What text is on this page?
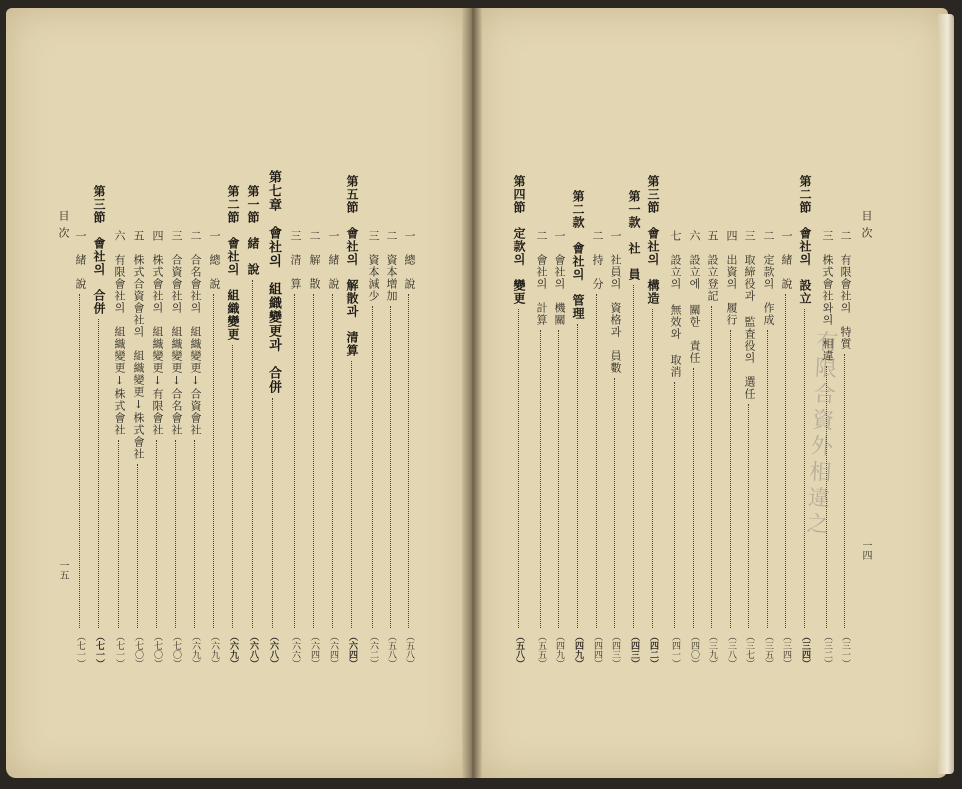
目次
一四
目次
一五
有限合資外相違之
二　有限會社의　特質
（三一）
三　株式會社와의　相違
（三二）
第二節　會社의　設立
（三四）
一　緒　說
（三四）
二　定款의　作成
（三五）
三　取締役과 監査役의　選任
（三七）
四　出資의　履行
（三八）
五　設立登記
（三九）
六　設立에 關한　責任
（四〇）
七　設立의 無效와 取消
（四一）
第三節　會社의　構造
（四二）
第一款　社　員
（四三）
一　社員의　資格과　員數
（四三）
二　持　分
（四四）
第二款　會社의　管理
（四九）
一　會社의　機關
（四九）
二　會社의　計算
（五五）
第四節　定款의　變更
（五八）
一　總　說
（五八）
二　資本增加
（五八）
三　資本減少
（六二）
第五節　會社의　解散과　清算
（六四）
一　緒　說
（六四）
二　解　散
（六四）
三　清　算
（六六）
第七章　會社의　組織變更과　合併
（六八）
第一節　緒　說
（六八）
第二節　會社의　組織變更
（六九）
一　總　說
（六九）
二　合名會社의　組織變更↓合資會社
（六九）
三　合資會社의　組織變更↓合名會社
（七〇）
四　株式會社의　組織變更↓有限會社
（七〇）
五　株式合資會社의　組織變更↓株式會社
（七〇）
六　有限會社의　組織變更↓株式會社
（七一）
第三節　會社의　合併
（七一）
一　緒　說
（七一）
